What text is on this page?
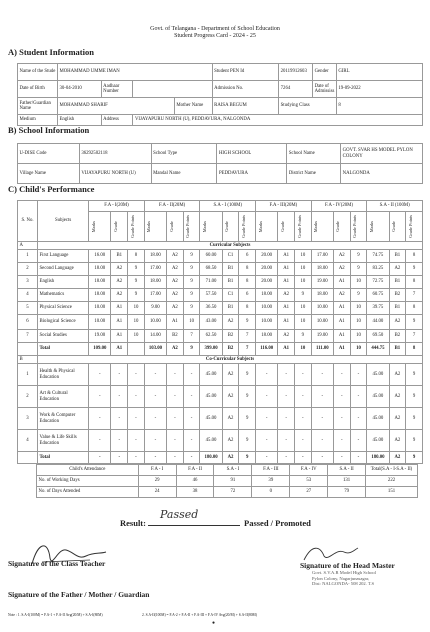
Govt. of Telangana - Department of School Education
Student Progress Card - 2024 - 25
A) Student Information
Name of the Stude	MOHAMMAD UMME IMAN				Student PEN Id	20119912603	Gender	GIRL
Date of Birth	30-04-2010	Aadhaar Number			Admission No.	7264	Date of Admississ	19-09-2022
Father/Guardian Name	MOHAMMAD SHARIF			Mother Name	RAISA BEGUM	Studying Class		8
Medium	English	Address	VIJAYAPURU NORTH (U), PEDDAVURA, NALGONDA					
B) School Information
U-DISE Code	36292502118	School Type	HIGH SCHOOL	School Name	GOVT. SVAR HS MODEL PYLON COLONY
Village Name	VIJAYAPURU NORTH (U)	Mandal Name	PEDDAVURA	District Name	NALGONDA
C) Child's Performance
S. No.	Subjects	F.A - I(20M)			F.A - II(20M)			S.A - I (100M)			F.A - III(20M)			F.A - IV(20M)			S.A - II (100M)		

		Marks	Grade	Grade Points	Marks	Grade	Grade Points	Marks	Grade	Grade Points	Marks	Grade	Grade Points	Marks	Grade	Grade Points	Marks	Grade	Grade Points

A	Curricular Subjects																		
1	First Language	16.00	B1	8	18.00	A2	9	60.00	C1	6	20.00	A1	10	17.00	A2	9	74.75	B1	8
2	Second Language	18.00	A2	9	17.00	A2	9	68.50	B1	8	20.00	A1	10	18.00	A2	9	83.25	A2	9
3	English	18.00	A2	9	18.00	A2	9	71.00	B1	8	20.00	A1	10	19.00	A1	10	72.75	B1	8
4	Mathematics	18.00	A2	9	17.00	A2	9	57.50	C1	6	18.00	A2	9	18.00	A2	9	60.75	B2	7
5	Physical Science	10.00	A1	10	9.00	A2	9	36.50	B1	8	10.00	A1	10	10.00	A1	10	39.75	B1	8
6	Biological Science	10.00	A1	10	10.00	A1	10	43.00	A2	9	10.00	A1	10	10.00	A1	10	44.00	A2	9
7	Social Studies	19.00	A1	10	14.00	B2	7	62.50	B2	7	18.00	A2	9	19.00	A1	10	69.50	B2	7
	Total	109.00	A1		103.00	A2	9	399.00	B2	7	116.00	A1	10	111.00	A1	10	444.75	B1	8
B	Co-Curricular Subjects																		
1	Health & Physical Education	-	-	-	-	-	-	45.00	A2	9	-	-	-	-	-	-	45.00	A2	9
2	Art & Cultural Education	-	-	-	-	-	-	45.00	A2	9	-	-	-	-	-	-	45.00	A2	9
3	Work & Computer Education	-	-	-	-	-	-	45.00	A2	9	-	-	-	-	-	-	45.00	A2	9
4	Value & Life Skills Education	-	-	-	-	-	-	45.00	A2	9	-	-	-	-	-	-	45.00	A2	9
	Total	-	-	-	-	-	-	180.00	A2	9	-	-	-	-	-	-	180.00	A2	9
Child's Attendance	F.A - I	F.A - II	S.A - I	F.A - III	F.A - IV	S.A - II	Total(S.A - I-S.A - II)
No. of Working Days	29	46	91	39	53	131	222
No. of Days Attended	24	38	72	0	27	79	151
Result:
Passed
Passed / Promoted
Signature of the Class Teacher	Signature of the Head Master
Govt. S.V.A.R Model High School
Pylon Colony, Nagarjunasagar,
Dist: NALGONDA- 508 202. T.S
Signature of the Father / Mother / Guardian
Note : 1. S.A-I(100M) = F.A-1 + F.A-II Avg(20/M) + S.A-I(80M)	2. S.A-II(100M) = F.A-2 + F.A-II + F.A-III + F.A-IV Avg(20/M) + S.A-II(80M)
●
